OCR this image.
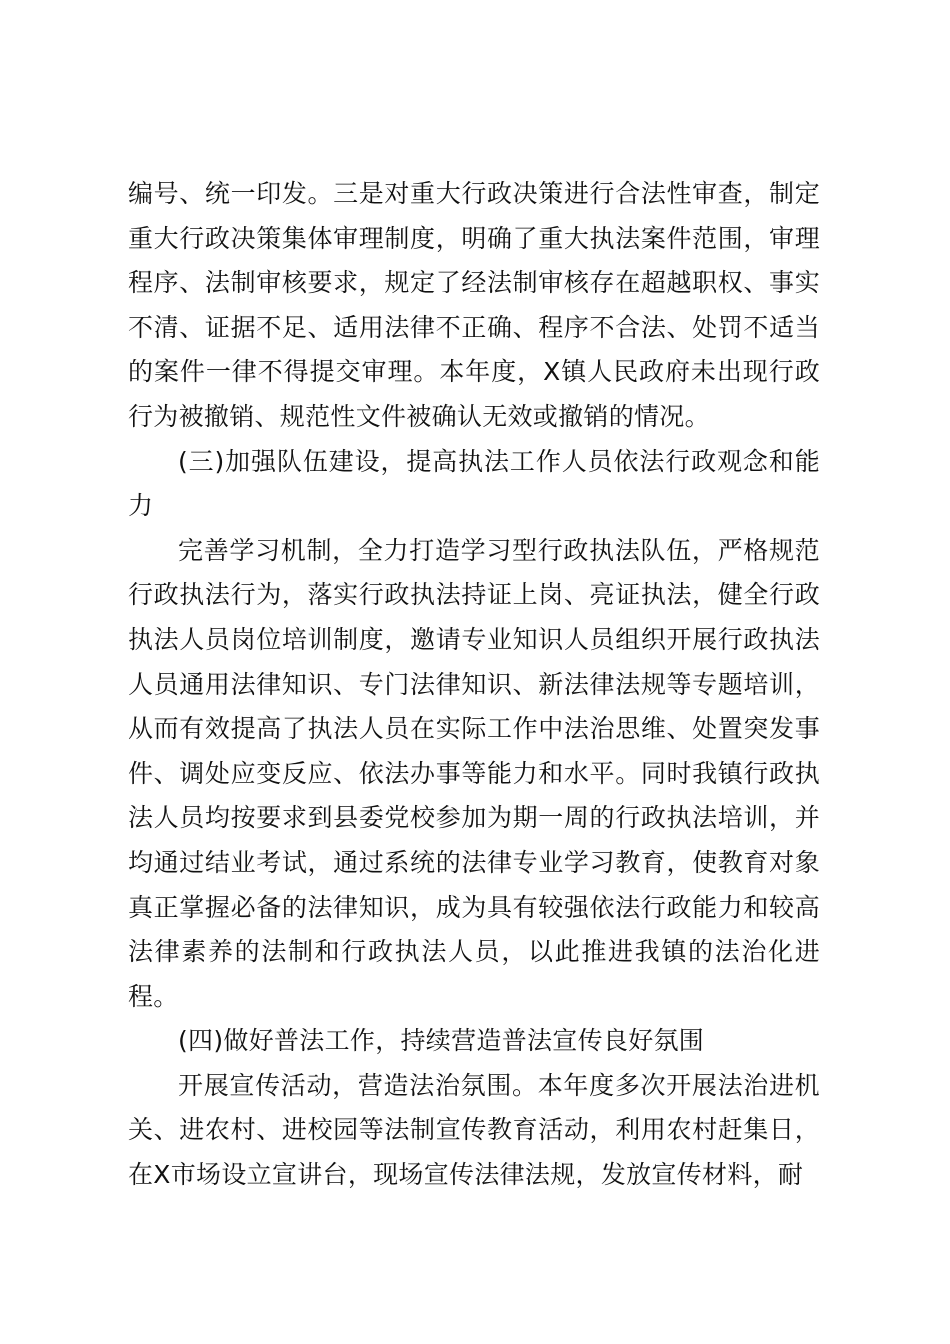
编号、统一印发。三是对重大行政决策进行合法性审查，制定重大行政决策集体审理制度，明确了重大执法案件范围，审理程序、法制审核要求，规定了经法制审核存在超越职权、事实不清、证据不足、适用法律不正确、程序不合法、处罚不适当的案件一律不得提交审理。本年度，X镇人民政府未出现行政行为被撤销、规范性文件被确认无效或撤销的情况。

(三)加强队伍建设，提高执法工作人员依法行政观念和能力

完善学习机制，全力打造学习型行政执法队伍，严格规范行政执法行为，落实行政执法持证上岗、亮证执法，健全行政执法人员岗位培训制度，邀请专业知识人员组织开展行政执法人员通用法律知识、专门法律知识、新法律法规等专题培训，从而有效提高了执法人员在实际工作中法治思维、处置突发事件、调处应变反应、依法办事等能力和水平。同时我镇行政执法人员均按要求到县委党校参加为期一周的行政执法培训，并均通过结业考试，通过系统的法律专业学习教育，使教育对象真正掌握必备的法律知识，成为具有较强依法行政能力和较高法律素养的法制和行政执法人员，以此推进我镇的法治化进程。

(四)做好普法工作，持续营造普法宣传良好氛围

开展宣传活动，营造法治氛围。本年度多次开展法治进机关、进农村、进校园等法制宣传教育活动，利用农村赶集日，在X市场设立宣讲台，现场宣传法律法规，发放宣传材料，耐
